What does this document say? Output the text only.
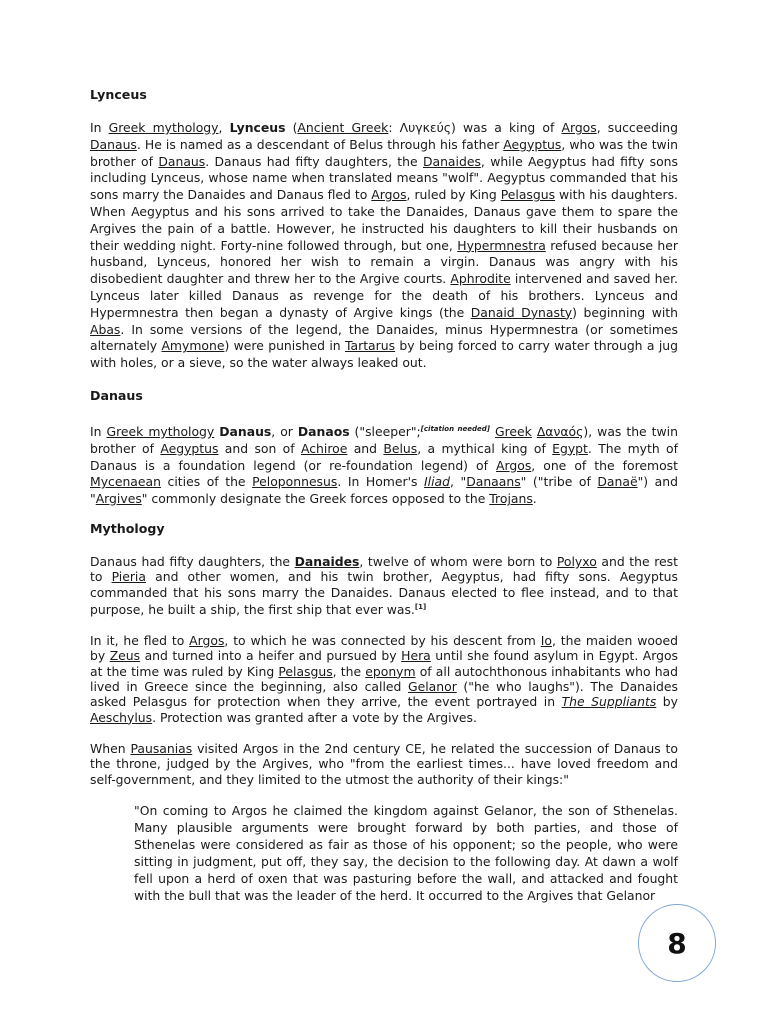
Lynceus

In Greek mythology, Lynceus (Ancient Greek: Λυγκεύς) was a king of Argos, succeeding Danaus. He is named as a descendant of Belus through his father Aegyptus, who was the twin brother of Danaus. Danaus had fifty daughters, the Danaides, while Aegyptus had fifty sons including Lynceus, whose name when translated means "wolf". Aegyptus commanded that his sons marry the Danaides and Danaus fled to Argos, ruled by King Pelasgus with his daughters. When Aegyptus and his sons arrived to take the Danaides, Danaus gave them to spare the Argives the pain of a battle. However, he instructed his daughters to kill their husbands on their wedding night. Forty-nine followed through, but one, Hypermnestra refused because her husband, Lynceus, honored her wish to remain a virgin. Danaus was angry with his disobedient daughter and threw her to the Argive courts. Aphrodite intervened and saved her. Lynceus later killed Danaus as revenge for the death of his brothers. Lynceus and Hypermnestra then began a dynasty of Argive kings (the Danaid Dynasty) beginning with Abas. In some versions of the legend, the Danaides, minus Hypermnestra (or sometimes alternately Amymone) were punished in Tartarus by being forced to carry water through a jug with holes, or a sieve, so the water always leaked out.

Danaus

In Greek mythology Danaus, or Danaos ("sleeper";[citation needed] Greek Δαναός), was the twin brother of Aegyptus and son of Achiroe and Belus, a mythical king of Egypt. The myth of Danaus is a foundation legend (or re-foundation legend) of Argos, one of the foremost Mycenaean cities of the Peloponnesus. In Homer's Iliad, "Danaans" ("tribe of Danaë") and "Argives" commonly designate the Greek forces opposed to the Trojans.

Mythology

Danaus had fifty daughters, the Danaides, twelve of whom were born to Polyxo and the rest to Pieria and other women, and his twin brother, Aegyptus, had fifty sons. Aegyptus commanded that his sons marry the Danaides. Danaus elected to flee instead, and to that purpose, he built a ship, the first ship that ever was.[1]

In it, he fled to Argos, to which he was connected by his descent from Io, the maiden wooed by Zeus and turned into a heifer and pursued by Hera until she found asylum in Egypt. Argos at the time was ruled by King Pelasgus, the eponym of all autochthonous inhabitants who had lived in Greece since the beginning, also called Gelanor ("he who laughs"). The Danaides asked Pelasgus for protection when they arrive, the event portrayed in The Suppliants by Aeschylus. Protection was granted after a vote by the Argives.

When Pausanias visited Argos in the 2nd century CE, he related the succession of Danaus to the throne, judged by the Argives, who "from the earliest times... have loved freedom and self-government, and they limited to the utmost the authority of their kings:"

"On coming to Argos he claimed the kingdom against Gelanor, the son of Sthenelas. Many plausible arguments were brought forward by both parties, and those of Sthenelas were considered as fair as those of his opponent; so the people, who were sitting in judgment, put off, they say, the decision to the following day. At dawn a wolf fell upon a herd of oxen that was pasturing before the wall, and attacked and fought with the bull that was the leader of the herd. It occurred to the Argives that Gelanor

8
